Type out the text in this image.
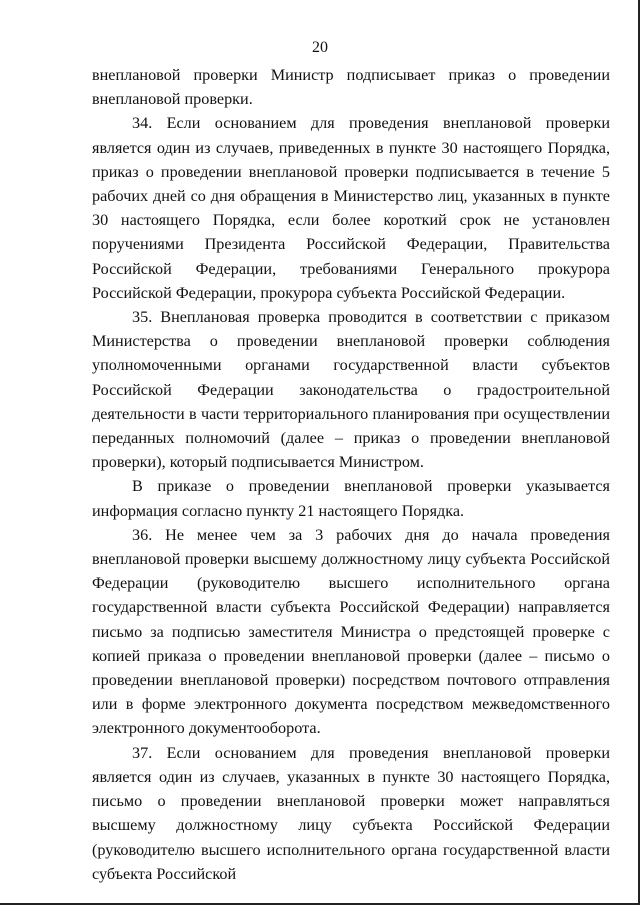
20

внеплановой проверки Министр подписывает приказ о проведении внеплановой проверки.

34. Если основанием для проведения внеплановой проверки является один из случаев, приведенных в пункте 30 настоящего Порядка, приказ о проведении внеплановой проверки подписывается в течение 5 рабочих дней со дня обращения в Министерство лиц, указанных в пункте 30 настоящего Порядка, если более короткий срок не установлен поручениями Президента Российской Федерации, Правительства Российской Федерации, требованиями Генерального прокурора Российской Федерации, прокурора субъекта Российской Федерации.

35. Внеплановая проверка проводится в соответствии с приказом Министерства о проведении внеплановой проверки соблюдения уполномоченными органами государственной власти субъектов Российской Федерации законодательства о градостроительной деятельности в части территориального планирования при осуществлении переданных полномочий (далее – приказ о проведении внеплановой проверки), который подписывается Министром.

В приказе о проведении внеплановой проверки указывается информация согласно пункту 21 настоящего Порядка.

36. Не менее чем за 3 рабочих дня до начала проведения внеплановой проверки высшему должностному лицу субъекта Российской Федерации (руководителю высшего исполнительного органа государственной власти субъекта Российской Федерации) направляется письмо за подписью заместителя Министра о предстоящей проверке с копией приказа о проведении внеплановой проверки (далее – письмо о проведении внеплановой проверки) посредством почтового отправления или в форме электронного документа посредством межведомственного электронного документооборота.

37. Если основанием для проведения внеплановой проверки является один из случаев, указанных в пункте 30 настоящего Порядка, письмо о проведении внеплановой проверки может направляться высшему должностному лицу субъекта Российской Федерации (руководителю высшего исполнительного органа государственной власти субъекта Российской
